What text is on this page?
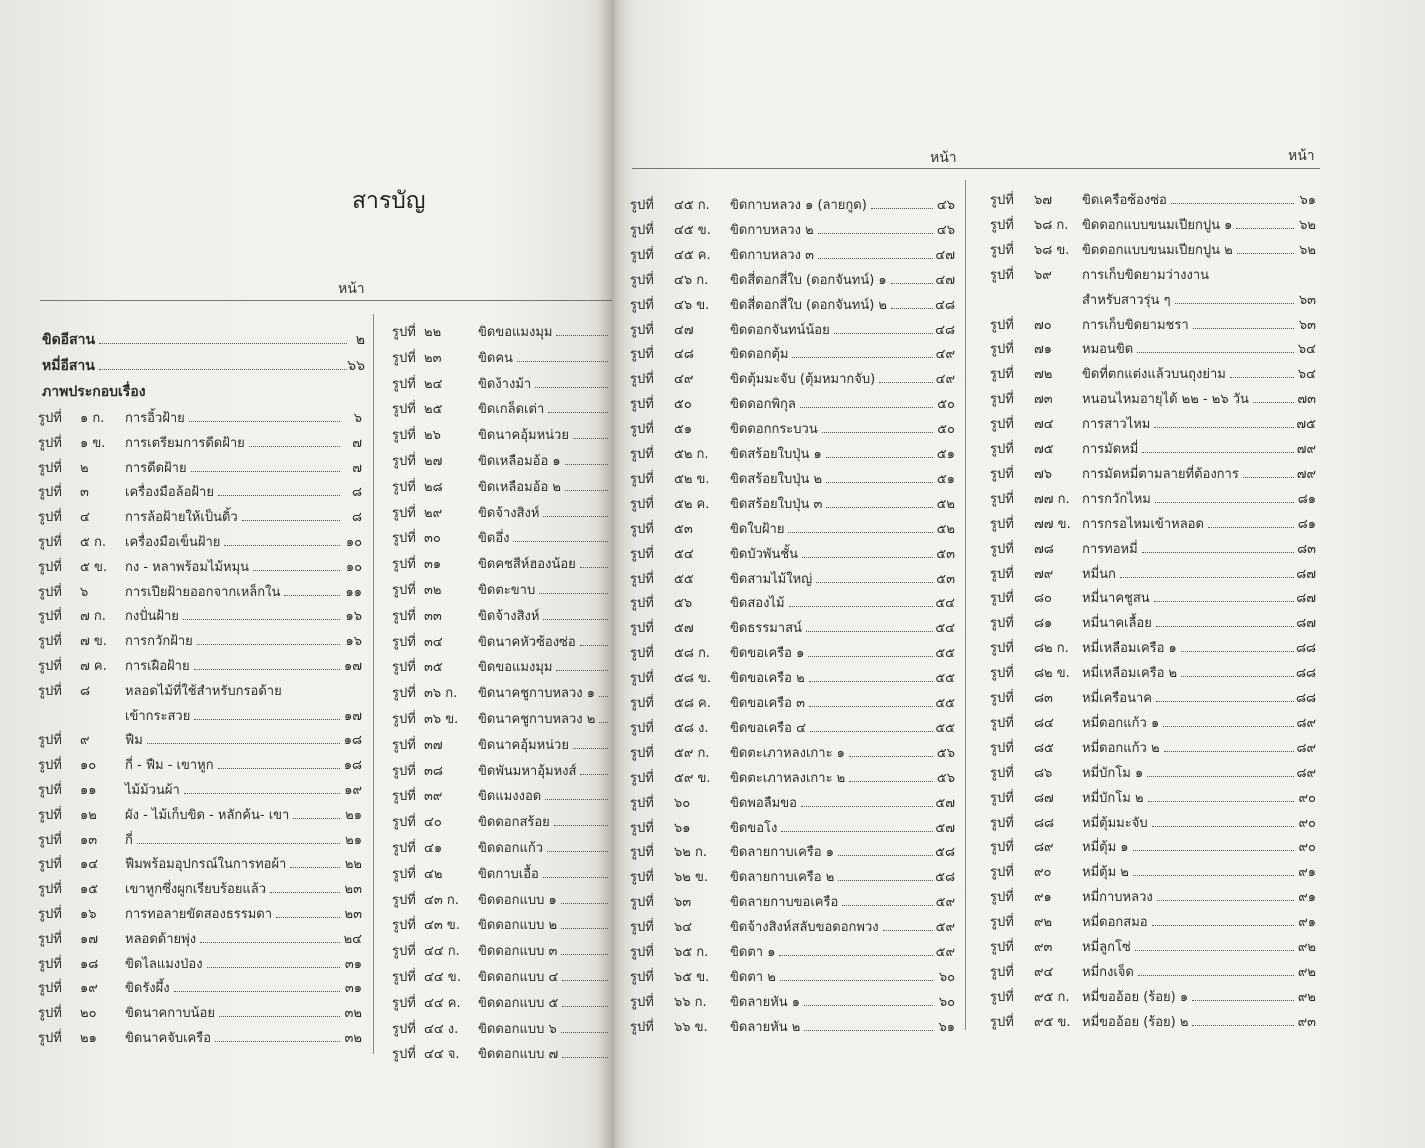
สารบัญ
หน้า
ขิดอีสาน	๒
หมี่อีสาน	๖๖
ภาพประกอบเรื่อง
รูปที่ ๑ ก. การอิ้วฝ้าย	๖
รูปที่ ๑ ข. การเตรียมการดีดฝ้าย	๗
รูปที่ ๒	การดีดฝ้าย	๗
รูปที่ ๓	เครื่องมือล้อฝ้าย	๘
รูปที่ ๔	การล้อฝ้ายให้เป็นดิ้ว	๘
รูปที่ ๕ ก. เครื่องมือเข็นฝ้าย	๑๐
รูปที่ ๕ ข. กง - หลาพร้อมไม้หมุน	๑๐
รูปที่ ๖	การเปียฝ้ายออกจากเหล็กใน	๑๑
รูปที่ ๗ ก. กงปั่นฝ้าย	๑๖
รูปที่ ๗ ข. การกวักฝ้าย	๑๖
รูปที่ ๗ ค. การเฝือฝ้าย	๑๗
รูปที่ ๘	หลอดไม้ที่ใช้สำหรับกรอด้าย
เข้ากระสวย	๑๗
รูปที่ ๙	ฟืม	๑๘
รูปที่ ๑๐ กี่ - ฟืม - เขาหูก	๑๘
รูปที่ ๑๑ ไม้ม้วนผ้า	๑๙
รูปที่ ๑๒ ผัง - ไม้เก็บขิด - หลักค้น- เขา	๒๑
รูปที่ ๑๓ กี่	๒๑
รูปที่ ๑๔ ฟืมพร้อมอุปกรณ์ในการทอผ้า	๒๒
รูปที่ ๑๕ เขาหูกซึ่งผูกเรียบร้อยแล้ว	๒๓
รูปที่ ๑๖ การทอลายขัดสองธรรมดา	๒๓
รูปที่ ๑๗ หลอดด้ายพุ่ง	๒๔
รูปที่ ๑๘ ขิดไลแมงป่อง	๓๑
รูปที่ ๑๙ ขิดรังผึ้ง	๓๑
รูปที่ ๒๐ ขิดนาคกาบน้อย	๓๒
รูปที่ ๒๑ ขิดนาคจับเครือ	๓๒
รูปที่ ๒๒	ขิดขอแมงมุม
รูปที่ ๒๓	ขิดคน
รูปที่ ๒๔	ขิดง้างม้า
รูปที่ ๒๕	ขิดเกล็ดเต่า
รูปที่ ๒๖	ขิดนาคอุ้มหน่วย
รูปที่ ๒๗	ขิดเหลือมอ้อ ๑
รูปที่ ๒๘	ขิดเหลือมอ้อ ๒
รูปที่ ๒๙	ขิดจ้างสิงห์
รูปที่ ๓๐	ขิดอึ่ง
รูปที่ ๓๑	ขิดคชสีห์ฮองน้อย
รูปที่ ๓๒	ขิดตะขาบ
รูปที่ ๓๓	ขิดจ้างสิงห์
รูปที่ ๓๔	ขิดนาคหัวซ้องซ่อ
รูปที่ ๓๕	ขิดขอแมงมุม
รูปที่ ๓๖ ก. ขิดนาคชูกาบหลวง ๑
รูปที่ ๓๖ ข. ขิดนาคชูกาบหลวง ๒
รูปที่ ๓๗	ขิดนาคอุ้มหน่วย
รูปที่ ๓๘	ขิดพันมหาอุ้มหงส์
รูปที่ ๓๙	ขิดแมงงอด
รูปที่ ๔๐	ขิดดอกสร้อย
รูปที่ ๔๑	ขิดดอกแก้ว
รูปที่ ๔๒	ขิดกาบเอื้อ
รูปที่ ๔๓ ก. ขิดดอกแบบ ๑
รูปที่ ๔๓ ข. ขิดดอกแบบ ๒
รูปที่ ๔๔ ก. ขิดดอกแบบ ๓
รูปที่ ๔๔ ข. ขิดดอกแบบ ๔
รูปที่ ๔๔ ค. ขิดดอกแบบ ๕
รูปที่ ๔๔ ง. ขิดดอกแบบ ๖
รูปที่ ๔๔ จ. ขิดดอกแบบ ๗
หน้า	หน้า
รูปที่ ๔๕ ก. ขิดกาบหลวง ๑ (ลายกูด)	๔๖
รูปที่ ๔๕ ข. ขิดกาบหลวง ๒	๔๖
รูปที่ ๔๕ ค. ขิดกาบหลวง ๓	๔๗
รูปที่ ๔๖ ก. ขิดสี่ดอกสี่ใบ (ดอกจันทน์) ๑	๔๗
รูปที่ ๔๖ ข. ขิดสี่ดอกสี่ใบ (ดอกจันทน์) ๒	๔๘
รูปที่ ๔๗	ขิดดอกจันทน์น้อย	๔๘
รูปที่ ๔๘	ขิดดอกตุ้ม	๔๙
รูปที่ ๔๙	ขิดตุ้มมะจับ (ตุ้มหมากจับ)	๔๙
รูปที่ ๕๐	ขิดดอกพิกุล	๕๐
รูปที่ ๕๑	ขิดดอกกระบวน	๕๐
รูปที่ ๕๒ ก. ขิดสร้อยใบปุ่น ๑	๕๑
รูปที่ ๕๒ ข. ขิดสร้อยใบปุ่น ๒	๕๑
รูปที่ ๕๒ ค. ขิดสร้อยใบปุ่น ๓	๕๒
รูปที่ ๕๓	ขิดใบฝ้าย	๕๒
รูปที่ ๕๔	ขิดบัวพันชั้น	๕๓
รูปที่ ๕๕	ขิดสามไม้ใหญ่	๕๓
รูปที่ ๕๖	ขิดสองไม้	๕๔
รูปที่ ๕๗	ขิดธรรมาสน์	๕๔
รูปที่ ๕๘ ก. ขิดขอเครือ ๑	๕๕
รูปที่ ๕๘ ข. ขิดขอเครือ ๒	๕๕
รูปที่ ๕๘ ค. ขิดขอเครือ ๓	๕๕
รูปที่ ๕๘ ง. ขิดขอเครือ ๔	๕๕
รูปที่ ๕๙ ก. ขิดตะเภาหลงเกาะ ๑	๕๖
รูปที่ ๕๙ ข. ขิดตะเภาหลงเกาะ ๒	๕๖
รูปที่ ๖๐	ขิดพอลืมขอ	๕๗
รูปที่ ๖๑	ขิดขอโง	๕๗
รูปที่ ๖๒ ก. ขิดลายกาบเครือ ๑	๕๘
รูปที่ ๖๒ ข. ขิดลายกาบเครือ ๒	๕๘
รูปที่ ๖๓	ขิดลายกาบขอเครือ	๕๙
รูปที่ ๖๔	ขิดจ้างสิงห์สลับขอดอกพวง	๕๙
รูปที่ ๖๕ ก. ขิดตา ๑	๕๙
รูปที่ ๖๕ ข. ขิดตา ๒	๖๐
รูปที่ ๖๖ ก. ขิดลายหัน ๑	๖๐
รูปที่ ๖๖ ข. ขิดลายหัน ๒	๖๑
รูปที่ ๖๗ ขิดเครือซ้องซ่อ	๖๑
รูปที่ ๖๘ ก. ขิดดอกแบบขนมเปียกปูน ๑	๖๒
รูปที่ ๖๘ ข. ขิดดอกแบบขนมเปียกปูน ๒	๖๒
รูปที่ ๖๙ การเก็บขิดยามว่างงาน
สำหรับสาวรุ่น ๆ	๖๓
รูปที่ ๗๐ การเก็บขิดยามชรา	๖๓
รูปที่ ๗๑ หมอนขิด	๖๔
รูปที่ ๗๒ ขิดที่ตกแต่งแล้วบนถุงย่าม	๖๔
รูปที่ ๗๓ หนอนไหมอายุได้ ๒๒ - ๒๖ วัน	๗๓
รูปที่ ๗๔ การสาวไหม	๗๕
รูปที่ ๗๕ การมัดหมี่	๗๙
รูปที่ ๗๖ การมัดหมี่ตามลายที่ต้องการ	๗๙
รูปที่ ๗๗ ก. การกวักไหม	๘๑
รูปที่ ๗๗ ข. การกรอไหมเข้าหลอด	๘๑
รูปที่ ๗๘ การทอหมี่	๘๓
รูปที่ ๗๙ หมี่นก	๘๗
รูปที่ ๘๐ หมี่นาคชูสน	๘๗
รูปที่ ๘๑ หมี่นาคเลื้อย	๘๗
รูปที่ ๘๒ ก. หมี่เหลือมเครือ ๑	๘๘
รูปที่ ๘๒ ข. หมี่เหลือมเครือ ๒	๘๘
รูปที่ ๘๓ หมี่เครือนาค	๘๘
รูปที่ ๘๔ หมี่ดอกแก้ว ๑	๘๙
รูปที่ ๘๕ หมี่ดอกแก้ว ๒	๘๙
รูปที่ ๘๖ หมี่บักโม ๑	๘๙
รูปที่ ๘๗ หมี่บักโม ๒	๙๐
รูปที่ ๘๘ หมี่ตุ้มมะจับ	๙๐
รูปที่ ๘๙ หมี่ตุ้ม ๑	๙๐
รูปที่ ๙๐ หมี่ตุ้ม ๒	๙๑
รูปที่ ๙๑ หมี่กาบหลวง	๙๑
รูปที่ ๙๒ หมี่ดอกสมอ	๙๑
รูปที่ ๙๓ หมี่ลูกโซ่	๙๒
รูปที่ ๙๔ หมี่กงเจ็ด	๙๒
รูปที่ ๙๕ ก. หมี่ขออ้อย (ร้อย) ๑	๙๒
รูปที่ ๙๕ ข. หมี่ขออ้อย (ร้อย) ๒	๙๓
